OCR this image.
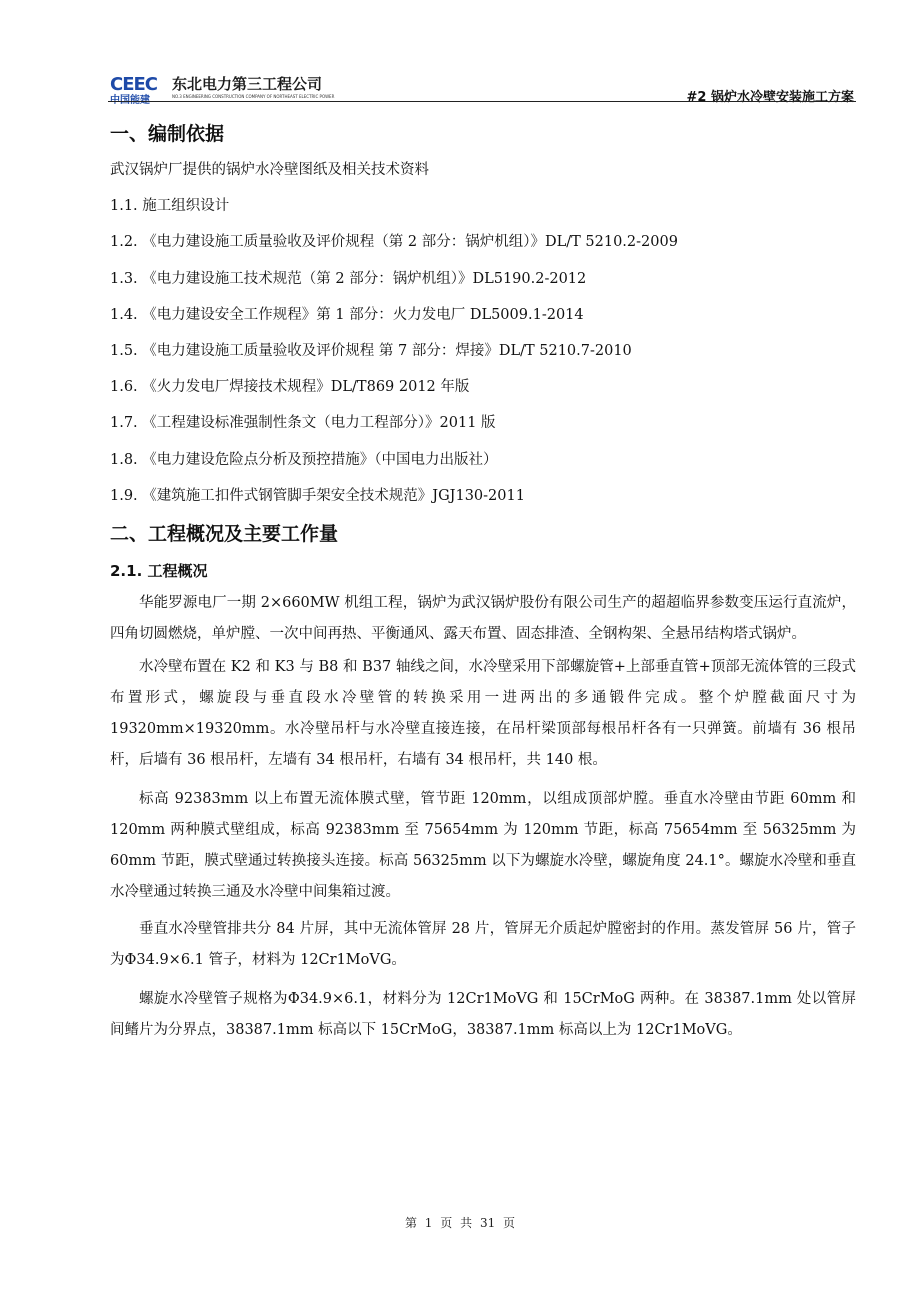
CEEC
中国能建
东北电力第三工程公司
NO.3 ENGINEERING CONSTRUCTION COMPANY OF NORTHEAST ELECTRIC POWER	#2 锅炉水冷壁安装施工方案
一、编制依据
武汉锅炉厂提供的锅炉水冷壁图纸及相关技术资料
1.1. 施工组织设计
1.2. 《电力建设施工质量验收及评价规程（第 2 部分：锅炉机组）》DL/T 5210.2-2009
1.3. 《电力建设施工技术规范（第 2 部分：锅炉机组）》DL5190.2-2012
1.4. 《电力建设安全工作规程》第 1 部分：火力发电厂 DL5009.1-2014
1.5. 《电力建设施工质量验收及评价规程 第 7 部分：焊接》DL/T 5210.7-2010
1.6. 《火力发电厂焊接技术规程》DL/T869 2012 年版
1.7. 《工程建设标准强制性条文（电力工程部分）》2011 版
1.8. 《电力建设危险点分析及预控措施》（中国电力出版社）
1.9. 《建筑施工扣件式钢管脚手架安全技术规范》JGJ130-2011
二、工程概况及主要工作量
2.1. 工程概况

华能罗源电厂一期 2×660MW 机组工程，锅炉为武汉锅炉股份有限公司生产的超超临界参数变压运行直流炉，四角切圆燃烧，单炉膛、一次中间再热、平衡通风、露天布置、固态排渣、全钢构架、全悬吊结构塔式锅炉。

水冷壁布置在 K2 和 K3 与 B8 和 B37 轴线之间，水冷壁采用下部螺旋管+上部垂直管+顶部无流体管的三段式布置形式，螺旋段与垂直段水冷壁管的转换采用一进两出的多通锻件完成。整个炉膛截面尺寸为 19320mm×19320mm。水冷壁吊杆与水冷壁直接连接，在吊杆梁顶部每根吊杆各有一只弹簧。前墙有 36 根吊杆，后墙有 36 根吊杆，左墙有 34 根吊杆，右墙有 34 根吊杆，共 140 根。

标高 92383mm 以上布置无流体膜式壁，管节距 120mm，以组成顶部炉膛。垂直水冷壁由节距 60mm 和 120mm 两种膜式壁组成，标高 92383mm 至 75654mm 为 120mm 节距，标高 75654mm 至 56325mm 为 60mm 节距，膜式壁通过转换接头连接。标高 56325mm 以下为螺旋水冷壁，螺旋角度 24.1°。螺旋水冷壁和垂直水冷壁通过转换三通及水冷壁中间集箱过渡。

垂直水冷壁管排共分 84 片屏，其中无流体管屏 28 片，管屏无介质起炉膛密封的作用。蒸发管屏 56 片，管子为Φ34.9×6.1 管子，材料为 12Cr1MoVG。

螺旋水冷壁管子规格为Φ34.9×6.1，材料分为 12Cr1MoVG 和 15CrMoG 两种。在 38387.1mm 处以管屏间鳍片为分界点，38387.1mm 标高以下 15CrMoG，38387.1mm 标高以上为 12Cr1MoVG。

第 1 页 共 31 页
